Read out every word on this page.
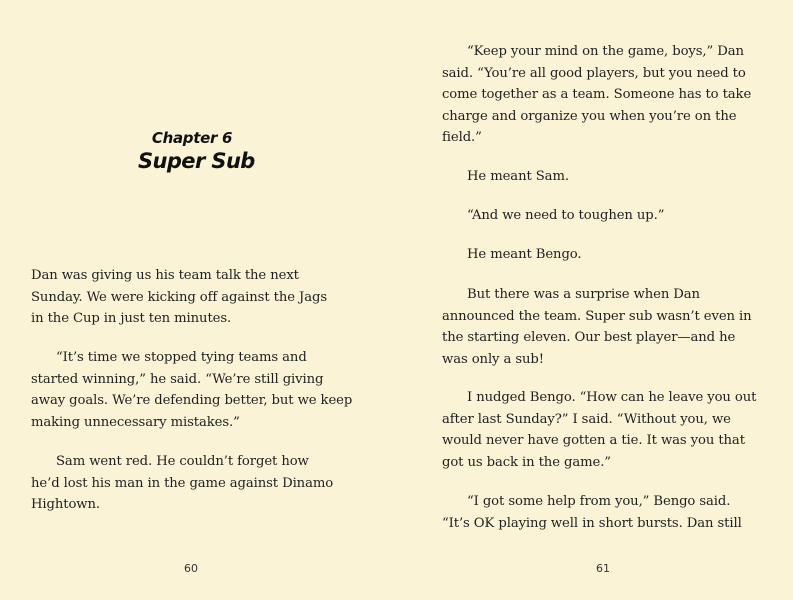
Chapter 6
Super Sub

Dan was giving us his team talk the next
Sunday. We were kicking off against the Jags
in the Cup in just ten minutes.

“It’s time we stopped tying teams and
started winning,” he said. “We’re still giving
away goals. We’re defending better, but we keep
making unnecessary mistakes.”

Sam went red. He couldn’t forget how
he’d lost his man in the game against Dinamo
Hightown.

60

“Keep your mind on the game, boys,” Dan
said. “You’re all good players, but you need to
come together as a team. Someone has to take
charge and organize you when you’re on the
field.”

He meant Sam.

“And we need to toughen up.”

He meant Bengo.

But there was a surprise when Dan
announced the team. Super sub wasn’t even in
the starting eleven. Our best player—and he
was only a sub!

I nudged Bengo. “How can he leave you out
after last Sunday?” I said. “Without you, we
would never have gotten a tie. It was you that
got us back in the game.”

“I got some help from you,” Bengo said.
“It’s OK playing well in short bursts. Dan still

61
